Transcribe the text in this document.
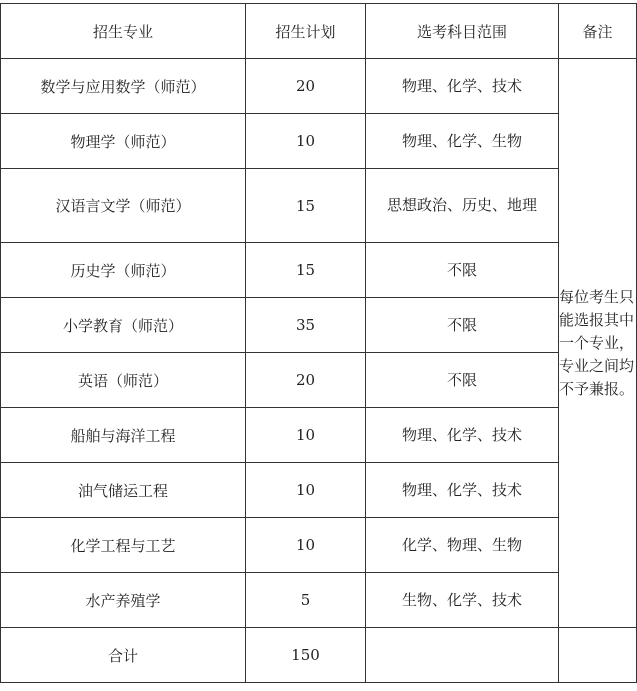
招生专业	招生计划	选考科目范围	备注
数学与应用数学（师范）	20	物理、化学、技术	每位考生只能选报其中一个专业，专业之间均不予兼报。

物理学（师范）	10	物理、化学、生物	
汉语言文学（师范）	15	思想政治、历史、地理	
历史学（师范）	15	不限	
小学教育（师范）	35	不限	
英语（师范）	20	不限	
船舶与海洋工程	10	物理、化学、技术	
油气储运工程	10	物理、化学、技术	
化学工程与工艺	10	化学、物理、生物	
水产养殖学	5	生物、化学、技术	
合计	150		
